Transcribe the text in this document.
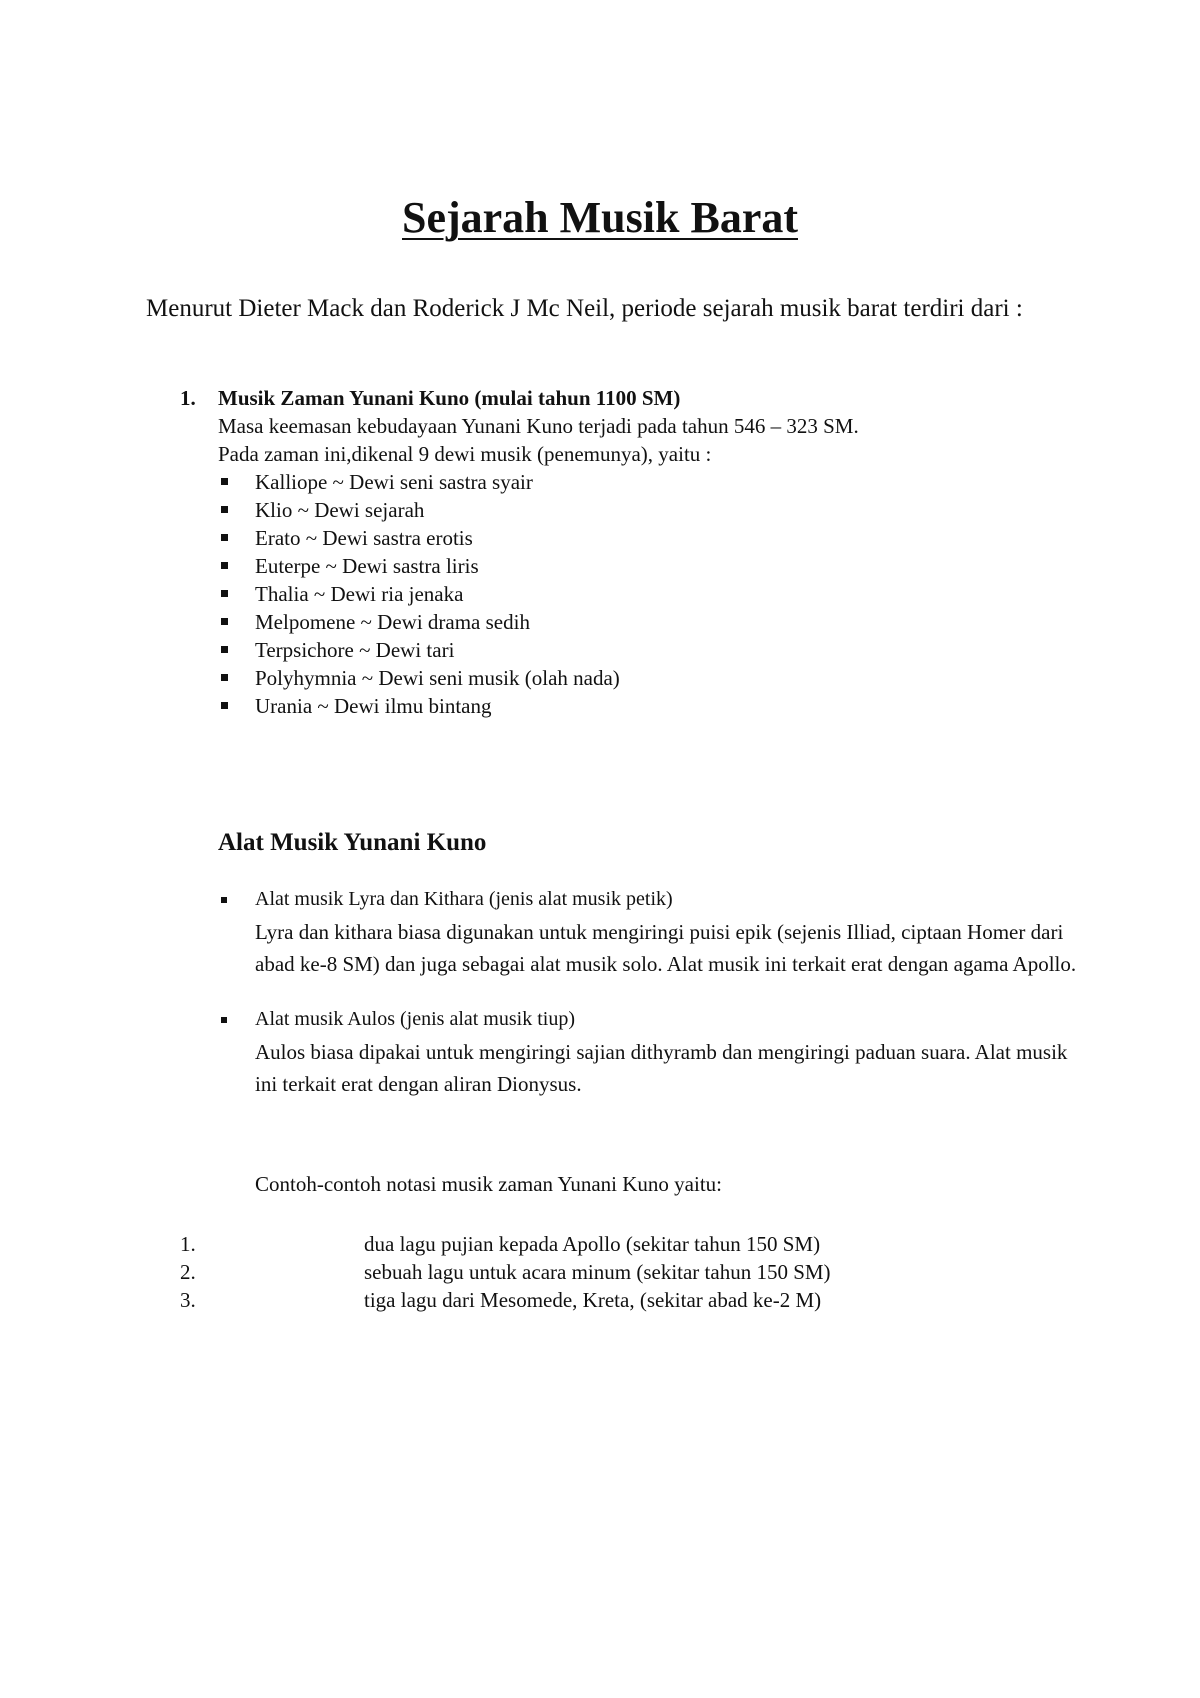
Sejarah Musik Barat
Menurut Dieter Mack dan Roderick J Mc Neil, periode sejarah musik barat terdiri dari :
1.	Musik Zaman Yunani Kuno (mulai tahun 1100 SM)
Masa keemasan kebudayaan Yunani Kuno terjadi pada tahun 546 – 323 SM.
Pada zaman ini,dikenal 9 dewi musik (penemunya), yaitu :
Kalliope ~ Dewi seni sastra syair
Klio ~ Dewi sejarah
Erato ~ Dewi sastra erotis
Euterpe ~ Dewi sastra liris
Thalia ~ Dewi ria jenaka
Melpomene ~ Dewi drama sedih
Terpsichore ~ Dewi tari
Polyhymnia ~ Dewi seni musik (olah nada)
Urania ~ Dewi ilmu bintang
Alat Musik Yunani Kuno
Alat musik Lyra dan Kithara (jenis alat musik petik)
Lyra dan kithara biasa digunakan untuk mengiringi puisi epik (sejenis Illiad, ciptaan Homer dari abad ke-8 SM) dan juga sebagai alat musik solo. Alat musik ini terkait erat dengan agama Apollo.
Alat musik Aulos (jenis alat musik tiup)
Aulos biasa dipakai untuk mengiringi sajian dithyramb dan mengiringi paduan suara. Alat musik ini terkait erat dengan aliran Dionysus.
Contoh-contoh notasi musik zaman Yunani Kuno yaitu:
1.	dua lagu pujian kepada Apollo (sekitar tahun 150 SM)
2.	sebuah lagu untuk acara minum (sekitar tahun 150 SM)
3.	tiga lagu dari Mesomede, Kreta, (sekitar abad ke-2 M)
